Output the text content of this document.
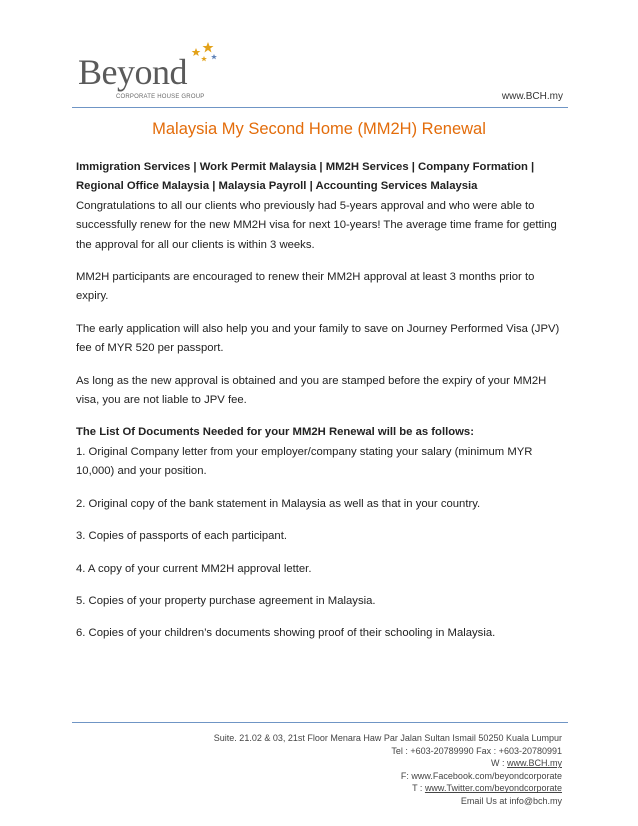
Beyond
CORPORATE HOUSE GROUP	www.BCH.my
Malaysia My Second Home (MM2H) Renewal

Immigration Services | Work Permit Malaysia | MM2H Services | Company Formation |

Regional Office Malaysia | Malaysia Payroll | Accounting Services Malaysia

Congratulations to all our clients who previously had 5-years approval and who were able to successfully renew for the new MM2H visa for next 10-years! The average time frame for getting the approval for all our clients is within 3 weeks.

MM2H participants are encouraged to renew their MM2H approval at least 3 months prior to expiry.

The early application will also help you and your family to save on Journey Performed Visa (JPV) fee of MYR 520 per passport.

As long as the new approval is obtained and you are stamped before the expiry of your MM2H visa, you are not liable to JPV fee.

The List Of Documents Needed for your MM2H Renewal will be as follows:

1. Original Company letter from your employer/company stating your salary (minimum MYR 10,000) and your position.

2. Original copy of the bank statement in Malaysia as well as that in your country.

3. Copies of passports of each participant.

4. A copy of your current MM2H approval letter.

5. Copies of your property purchase agreement in Malaysia.

6. Copies of your children’s documents showing proof of their schooling in Malaysia.

Suite. 21.02 & 03, 21st Floor Menara Haw Par Jalan Sultan Ismail 50250 Kuala Lumpur
Tel : +603-20789990 Fax : +603-20780991
W : www.BCH.my
F: www.Facebook.com/beyondcorporate
T : www.Twitter.com/beyondcorporate
Email Us at info@bch.my
